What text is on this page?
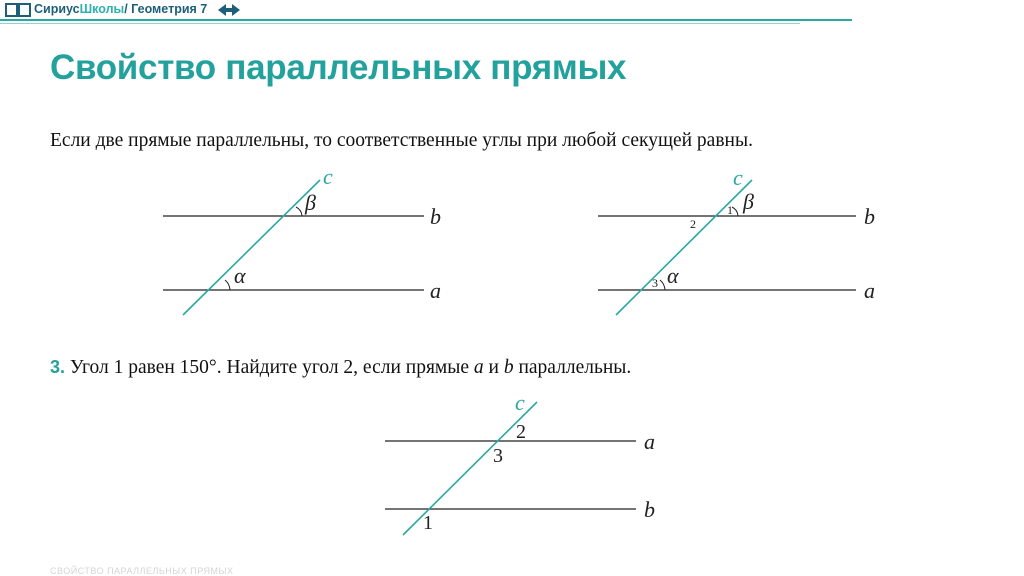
СириусШколы/ Геометрия 7
Свойство параллельных прямых

Если две прямые параллельны, то соответственные углы при любой секущей равны.

c
b
a
β
α
c
b
a
β
α
1
2
3
c
a
b
2
3
1

3. Угол 1 равен 150°. Найдите угол 2, если прямые a и b параллельны.

СВОЙСТВО ПАРАЛЛЕЛЬНЫХ ПРЯМЫХ
